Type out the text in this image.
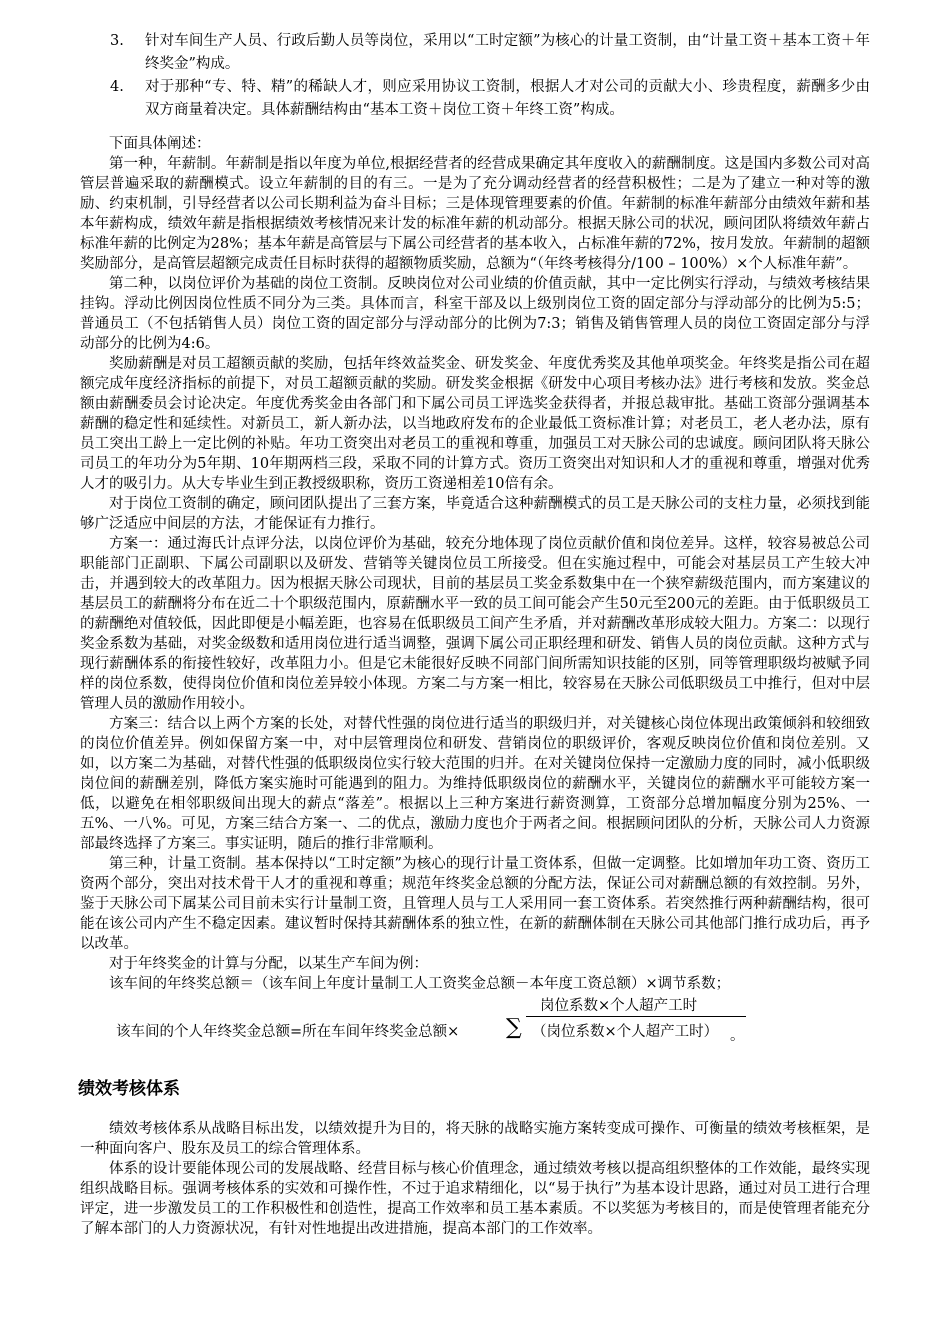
3.	针对车间生产人员、行政后勤人员等岗位，采用以“工时定额”为核心的计量工资制，由“计量工资＋基本工资＋年终奖金”构成。
4.	对于那种“专、特、精”的稀缺人才，则应采用协议工资制，根据人才对公司的贡献大小、珍贵程度，薪酬多少由双方商量着决定。具体薪酬结构由“基本工资＋岗位工资＋年终工资”构成。

下面具体阐述：

第一种，年薪制。年薪制是指以年度为单位,根据经营者的经营成果确定其年度收入的薪酬制度。这是国内多数公司对高管层普遍采取的薪酬模式。设立年薪制的目的有三。一是为了充分调动经营者的经营积极性；二是为了建立一种对等的激励、约束机制，引导经营者以公司长期利益为奋斗目标；三是体现管理要素的价值。年薪制的标准年薪部分由绩效年薪和基本年薪构成，绩效年薪是指根据绩效考核情况来计发的标准年薪的机动部分。根据天脉公司的状况，顾问团队将绩效年薪占标准年薪的比例定为28%；基本年薪是高管层与下属公司经营者的基本收入，占标准年薪的72%，按月发放。年薪制的超额奖励部分，是高管层超额完成责任目标时获得的超额物质奖励，总额为“（年终考核得分/100 – 100%）×个人标准年薪”。

第二种，以岗位评价为基础的岗位工资制。反映岗位对公司业绩的价值贡献，其中一定比例实行浮动，与绩效考核结果挂钩。浮动比例因岗位性质不同分为三类。具体而言，科室干部及以上级别岗位工资的固定部分与浮动部分的比例为5:5；普通员工（不包括销售人员）岗位工资的固定部分与浮动部分的比例为7:3；销售及销售管理人员的岗位工资固定部分与浮动部分的比例为4:6。

奖励薪酬是对员工超额贡献的奖励，包括年终效益奖金、研发奖金、年度优秀奖及其他单项奖金。年终奖是指公司在超额完成年度经济指标的前提下，对员工超额贡献的奖励。研发奖金根据《研发中心项目考核办法》进行考核和发放。奖金总额由薪酬委员会讨论决定。年度优秀奖金由各部门和下属公司员工评选奖金获得者，并报总裁审批。基础工资部分强调基本薪酬的稳定性和延续性。对新员工，新人新办法，以当地政府发布的企业最低工资标准计算；对老员工，老人老办法，原有员工突出工龄上一定比例的补贴。年功工资突出对老员工的重视和尊重，加强员工对天脉公司的忠诚度。顾问团队将天脉公司员工的年功分为5年期、10年期两档三段，采取不同的计算方式。资历工资突出对知识和人才的重视和尊重，增强对优秀人才的吸引力。从大专毕业生到正教授级职称，资历工资递相差10倍有余。

对于岗位工资制的确定，顾问团队提出了三套方案，毕竟适合这种薪酬模式的员工是天脉公司的支柱力量，必须找到能够广泛适应中间层的方法，才能保证有力推行。

方案一：通过海氏计点评分法，以岗位评价为基础，较充分地体现了岗位贡献价值和岗位差异。这样，较容易被总公司职能部门正副职、下属公司副职以及研发、营销等关键岗位员工所接受。但在实施过程中，可能会对基层员工产生较大冲击，并遇到较大的改革阻力。因为根据天脉公司现状，目前的基层员工奖金系数集中在一个狭窄薪级范围内，而方案建议的基层员工的薪酬将分布在近二十个职级范围内，原薪酬水平一致的员工间可能会产生50元至200元的差距。由于低职级员工的薪酬绝对值较低，因此即便是小幅差距，也容易在低职级员工间产生矛盾，并对薪酬改革形成较大阻力。方案二：以现行奖金系数为基础，对奖金级数和适用岗位进行适当调整，强调下属公司正职经理和研发、销售人员的岗位贡献。这种方式与现行薪酬体系的衔接性较好，改革阻力小。但是它未能很好反映不同部门间所需知识技能的区别，同等管理职级均被赋予同样的岗位系数，使得岗位价值和岗位差异较小体现。方案二与方案一相比，较容易在天脉公司低职级员工中推行，但对中层管理人员的激励作用较小。

方案三：结合以上两个方案的长处，对替代性强的岗位进行适当的职级归并，对关键核心岗位体现出政策倾斜和较细致的岗位价值差异。例如保留方案一中，对中层管理岗位和研发、营销岗位的职级评价，客观反映岗位价值和岗位差别。又如，以方案二为基础，对替代性强的低职级岗位实行较大范围的归并。在对关键岗位保持一定激励力度的同时，减小低职级岗位间的薪酬差别，降低方案实施时可能遇到的阻力。为维持低职级岗位的薪酬水平，关键岗位的薪酬水平可能较方案一低，以避免在相邻职级间出现大的薪点“落差”。根据以上三种方案进行薪资测算，工资部分总增加幅度分别为25%、一五%、一八%。可见，方案三结合方案一、二的优点，激励力度也介于两者之间。根据顾问团队的分析，天脉公司人力资源部最终选择了方案三。事实证明，随后的推行非常顺利。

第三种，计量工资制。基本保持以“工时定额”为核心的现行计量工资体系，但做一定调整。比如增加年功工资、资历工资两个部分，突出对技术骨干人才的重视和尊重；规范年终奖金总额的分配方法，保证公司对薪酬总额的有效控制。另外，鉴于天脉公司下属某公司目前未实行计量制工资，且管理人员与工人采用同一套工资体系。若突然推行两种薪酬结构，很可能在该公司内产生不稳定因素。建议暂时保持其薪酬体系的独立性，在新的薪酬体制在天脉公司其他部门推行成功后，再予以改革。

对于年终奖金的计算与分配，以某生产车间为例：

该车间的年终奖总额＝（该车间上年度计量制工人工资奖金总额－本年度工资总额）×调节系数；

该车间的个人年终奖金总额=所在车间年终奖金总额×
岗位系数×个人超产工时
∑ （岗位系数×个人超产工时） 。
绩效考核体系

绩效考核体系从战略目标出发，以绩效提升为目的，将天脉的战略实施方案转变成可操作、可衡量的绩效考核框架，是一种面向客户、股东及员工的综合管理体系。

体系的设计要能体现公司的发展战略、经营目标与核心价值理念，通过绩效考核以提高组织整体的工作效能，最终实现组织战略目标。强调考核体系的实效和可操作性，不过于追求精细化，以“易于执行”为基本设计思路，通过对员工进行合理评定，进一步激发员工的工作积极性和创造性，提高工作效率和员工基本素质。不以奖惩为考核目的，而是使管理者能充分了解本部门的人力资源状况，有针对性地提出改进措施，提高本部门的工作效率。
